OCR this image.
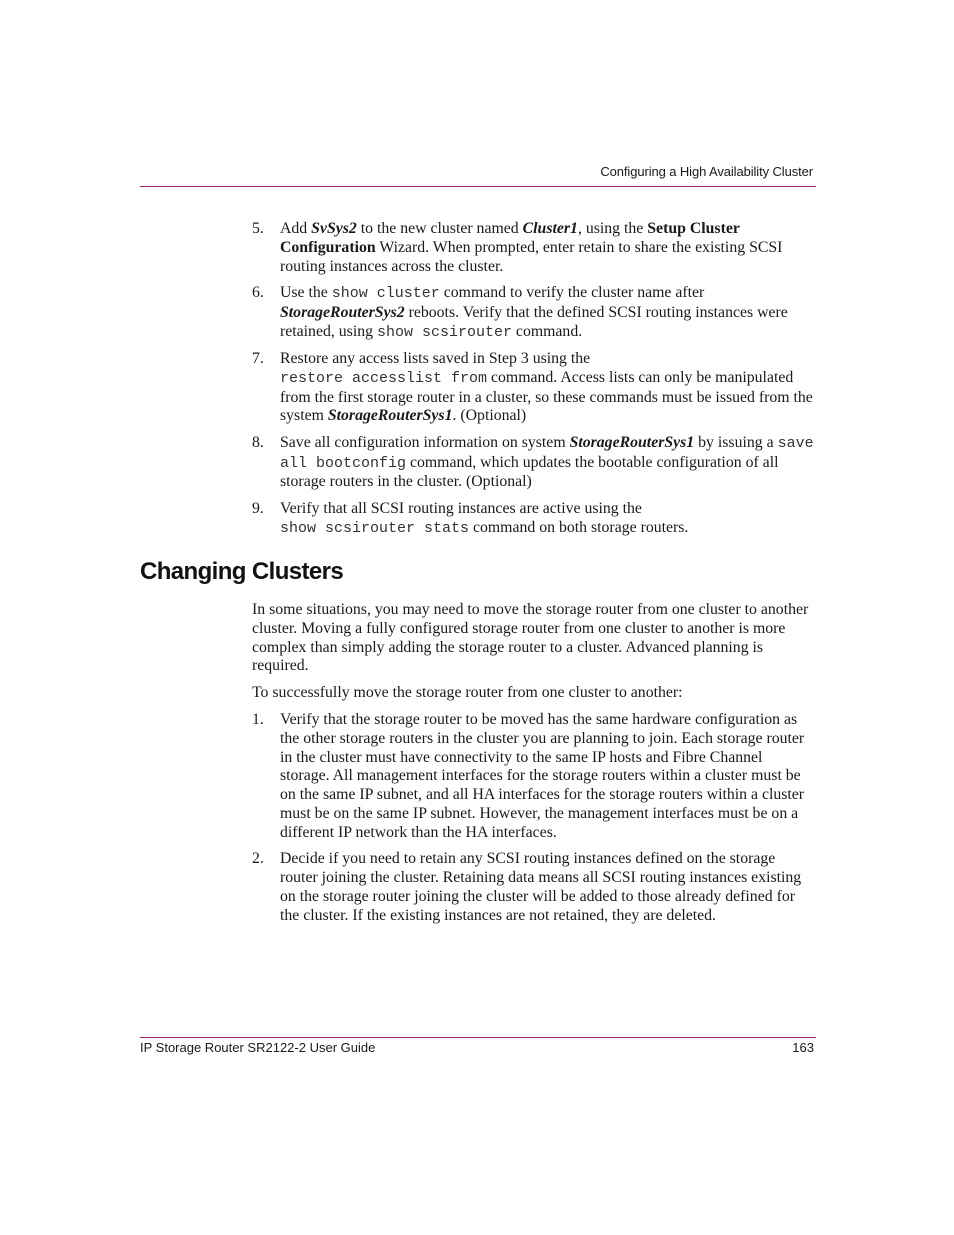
Configuring a High Availability Cluster
5. Add SvSys2 to the new cluster named Cluster1, using the Setup Cluster Configuration Wizard. When prompted, enter retain to share the existing SCSI routing instances across the cluster.
6. Use the show cluster command to verify the cluster name after StorageRouterSys2 reboots. Verify that the defined SCSI routing instances were retained, using show scsirouter command.
7. Restore any access lists saved in Step 3 using the
restore accesslist from command. Access lists can only be manipulated from the first storage router in a cluster, so these commands must be issued from the system StorageRouterSys1. (Optional)
8. Save all configuration information on system StorageRouterSys1 by issuing a save all bootconfig command, which updates the bootable configuration of all storage routers in the cluster. (Optional)
9. Verify that all SCSI routing instances are active using the
show scsirouter stats command on both storage routers.
Changing Clusters
In some situations, you may need to move the storage router from one cluster to another cluster. Moving a fully configured storage router from one cluster to another is more complex than simply adding the storage router to a cluster. Advanced planning is required.
To successfully move the storage router from one cluster to another:
1. Verify that the storage router to be moved has the same hardware configuration as the other storage routers in the cluster you are planning to join. Each storage router in the cluster must have connectivity to the same IP hosts and Fibre Channel storage. All management interfaces for the storage routers within a cluster must be on the same IP subnet, and all HA interfaces for the storage routers within a cluster must be on the same IP subnet. However, the management interfaces must be on a different IP network than the HA interfaces.
2. Decide if you need to retain any SCSI routing instances defined on the storage router joining the cluster. Retaining data means all SCSI routing instances existing on the storage router joining the cluster will be added to those already defined for the cluster. If the existing instances are not retained, they are deleted.
IP Storage Router SR2122-2 User Guide	163
